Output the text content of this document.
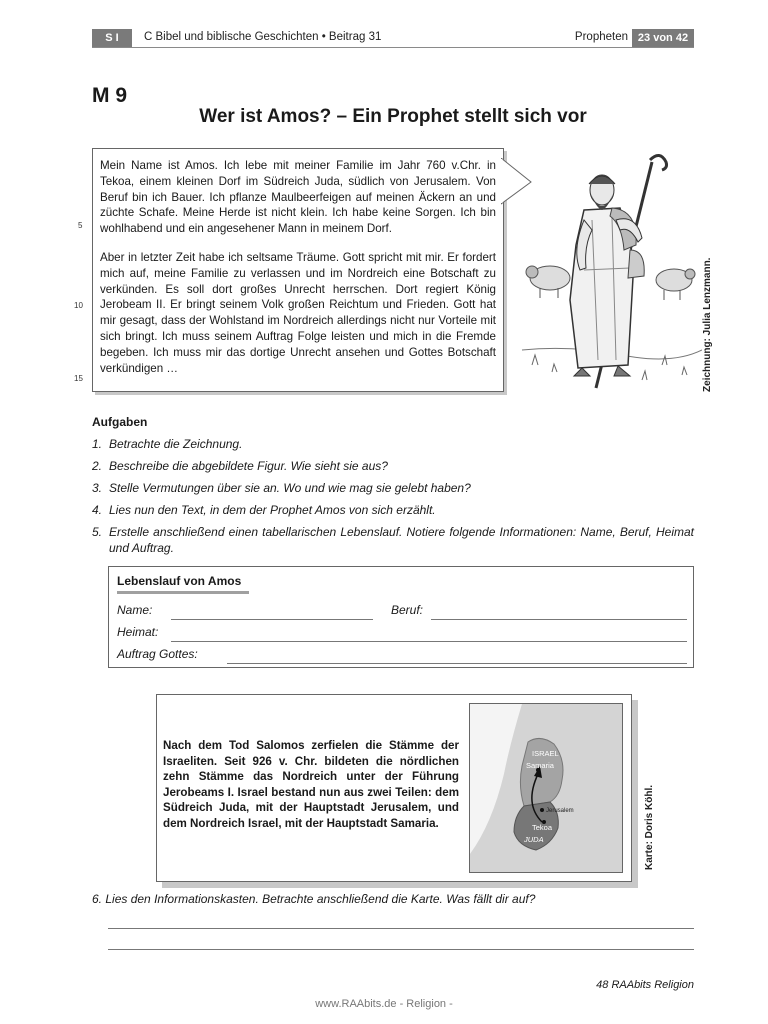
S I	C Bibel und biblische Geschichten • Beitrag 31	Propheten 23 von 42
M 9
Wer ist Amos? – Ein Prophet stellt sich vor

Mein Name ist Amos. Ich lebe mit meiner Familie im Jahr 760 v.Chr. in Tekoa, einem kleinen Dorf im Südreich Juda, südlich von Jerusalem. Von Beruf bin ich Bauer. Ich pflanze Maulbeerfeigen auf meinen Äckern an und züchte Schafe. Meine Herde ist nicht klein. Ich habe keine Sorgen. Ich bin wohlhabend und ein angesehener Mann in meinem Dorf.

Aber in letzter Zeit habe ich seltsame Träume. Gott spricht mit mir. Er fordert mich auf, meine Familie zu verlassen und im Nordreich eine Botschaft zu verkünden. Es soll dort großes Unrecht herrschen. Dort regiert König Jerobeam II. Er bringt seinem Volk großen Reichtum und Frieden. Gott hat mir gesagt, dass der Wohlstand im Nordreich allerdings nicht nur Vorteile mit sich bringt. Ich muss seinem Auftrag Folge leisten und mich in die Fremde begeben. Ich muss mir das dortige Unrecht ansehen und Gottes Botschaft verkündigen …

5
10
15	Zeichnung: Julia Lenzmann.
Aufgaben
1. Betrachte die Zeichnung.
2. Beschreibe die abgebildete Figur. Wie sieht sie aus?
3. Stelle Vermutungen über sie an. Wo und wie mag sie gelebt haben?
4. Lies nun den Text, in dem der Prophet Amos von sich erzählt.
5. Erstelle anschließend einen tabellarischen Lebenslauf. Notiere folgende Informationen: Name, Beruf, Heimat und Auftrag.
Lebenslauf von Amos
Name:	Beruf:
Heimat:
Auftrag Gottes:
Nach dem Tod Salomos zerfielen die Stämme der Israeliten. Seit 926 v. Chr. bildeten die nördlichen zehn Stämme das Nordreich unter der Führung Jerobeams I. Israel bestand nun aus zwei Teilen: dem Südreich Juda, mit der Hauptstadt Jerusalem, und dem Nordreich Israel, mit der Hauptstadt Samaria.
ISRAEL
Samaria
Jerusalem
Tekoa
JUDA	Karte: Doris Köhl.
6. Lies den Informationskasten. Betrachte anschließend die Karte. Was fällt dir auf?
48 RAAbits Religion
www.RAAbits.de - Religion -
